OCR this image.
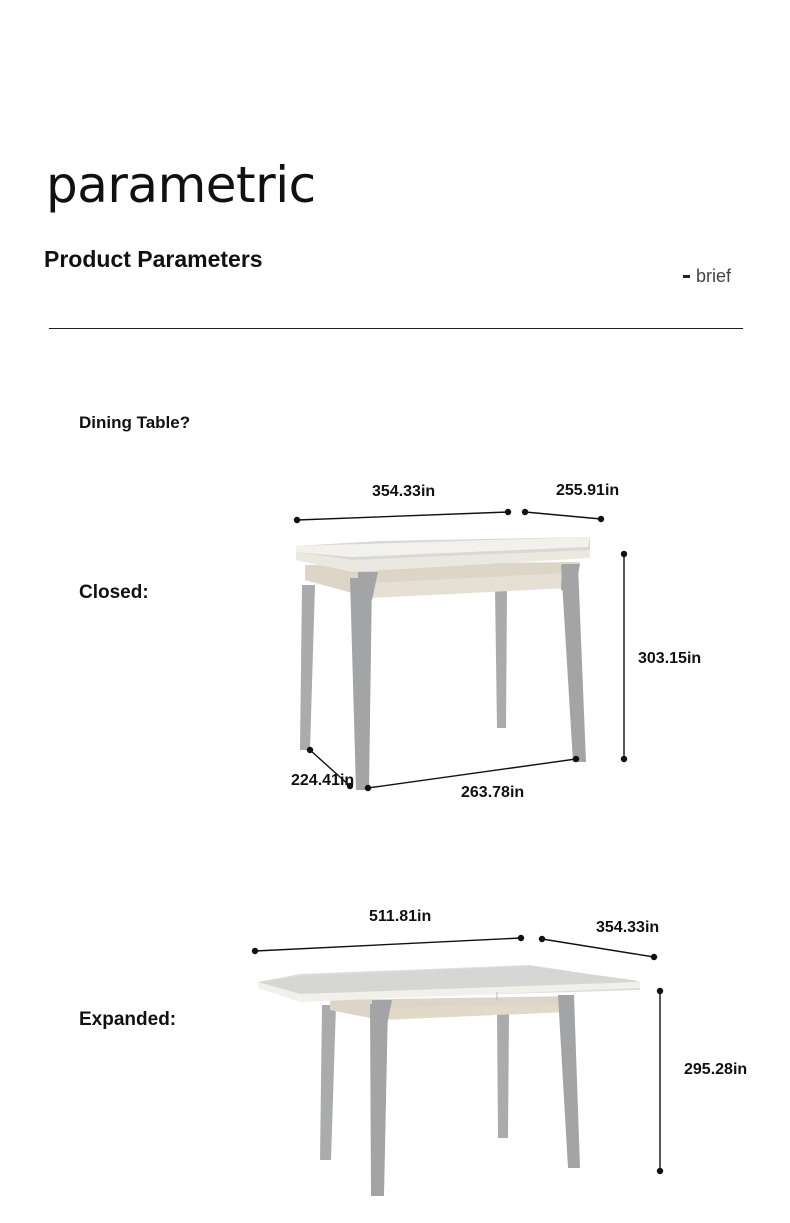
parametric
Product Parameters
brief
Dining Table?
Closed:
354.33in	255.91in
303.15in
224.41in
263.78in
Expanded:
511.81in
354.33in
295.28in
